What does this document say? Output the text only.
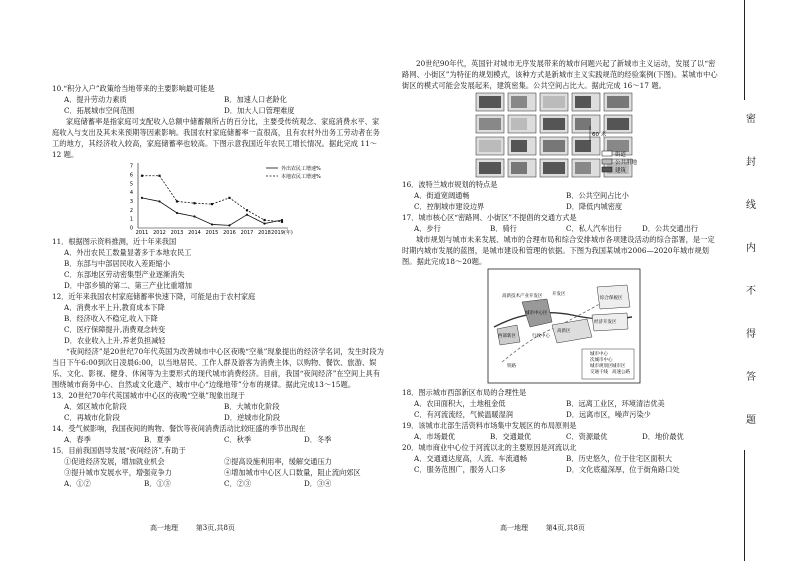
10.“积分入户”政策给当地带来的主要影响最可能是

A．提升劳动力素质	B．加速人口老龄化
C．拓展城市空间范围	D．加大人口管理难度

家庭储蓄率是指家庭可支配收入总额中储蓄额所占的百分比，主要受传统观念、家庭消费水平、家庭收入与支出及其未来预期等因素影响。我国农村家庭储蓄率一直很高，且有农村外出务工劳动者在务工的地方，其经济收入较高，家庭储蓄率也较高。下图示意我国近年农民工增长情况。据此完成 11～12 题。

0
1
2
3
4
5
6
7
2011 2012 2013 2014 2015 2016 2017 2018 2019(年)
外出农民工增速%
本地农民工增速%

11．根据图示资料推测，近十年来我国

A．外出农民工数量显著多于本地农民工

B．东部与中部居民收入差距缩小

C．东部地区劳动密集型产业逐渐消失

D．中部乡镇的第二、第三产业比重增加

12．近年来我国农村家庭储蓄率快速下降，可能是由于农村家庭

A．消费水平上升,教育成本下降

B．经济收入不稳定,收入下降

C．医疗保障提升,消费观念转变

D．农业收入上升,养老负担减轻

“夜间经济”是20世纪70年代英国为改善城市中心区夜晚“空巢”现象提出的经济学名词，发生时段为当日下午6:00到次日凌晨6:00，以当地居民、工作人群及游客为消费主体，以购物、餐饮、旅游、娱乐、文化、影视、健身、休闲等为主要形式的现代城市消费经济。目前，我国“夜间经济”在空间上具有围绕城市商务中心、自然或文化遗产、城市中心“边缘地带”分布的规律。据此完成13～15题。

13．20世纪70年代英国城市中心区的夜晚“空巢”现象出现于

A．郊区城市化阶段	B．大城市化阶段
C．再城市化阶段	D．逆城市化阶段

14．受气候影响，我国夜间的购物、餐饮等夜间消费活动比较旺盛的季节出现在

A．春季	B．夏季	C．秋季	D．冬季

15．目前我国倡导发展“夜间经济”,有助于

①促进经济发展，增加就业机会	②提高设施利用率，缓解交通压力
③提升城市发展水平，增强竞争力	④增加城市中心区人口数量，阻止流向郊区
A．①②	B．①③	C．②③	D．③④
高一地理        第3页,共8页

20世纪90年代，英国针对城市无序发展带来的城市问题兴起了新城市主义运动，发展了以“密路网、小街区”为特征的规划模式，该种方式是新城市主义实践规范的经验案例(下图)。某城市中心街区的模式可能会发展起来，建筑密集。公共空间占比大。据此完成 16～17 题。

60 米
街道
公共用地
建筑

16．波特兰城市规划的特点是

A．街道宽阔通畅	B．公共空间占比小
C．控制城市建设边界	D．降低内城密度

17．城市核心区“密路网、小街区”不提倡的交通方式是

A．步行	B．骑行	C．私人汽车出行	D．公共交通出行

城市规划与城市未来发展、城市的合理布局和综合安排城市各项建设活动的综合部署，是一定时期内城市发展的蓝图，是城市建设和管理的依据。下图为我国某城市2006—2020年城市规划图。据此完成18～20题。

开发区
高新技术产业开发区
城市中心区
高新区
行政中心
西部新区
铁路
经济开发区
综合保税区
城市中心
次城市中心
城市规划区 城市区
交通干线 高速公路

18．图示城市西部新区布局的合理性是

A．农田面积大，土地租金低	B．远离工业区，环境清洁优美
C．有河流流经，气候温暖湿润	D．远离市区，噪声污染少

19．该城市北部生活资料市场集中发展区的布局原则是

A．市场最优	B．交通最优	C．资源最优	D．地价最优

20．城市商业中心位于河流以北的主要原因是河流以北

A．交通通达度高，人流、车流通畅	B．历史悠久，位于住宅区面积大
C．服务范围广，服务人口多	D．文化底蕴深厚，位于街角路口处
高一地理        第4页,共8页
密
封
线
内
不
得
答
题
